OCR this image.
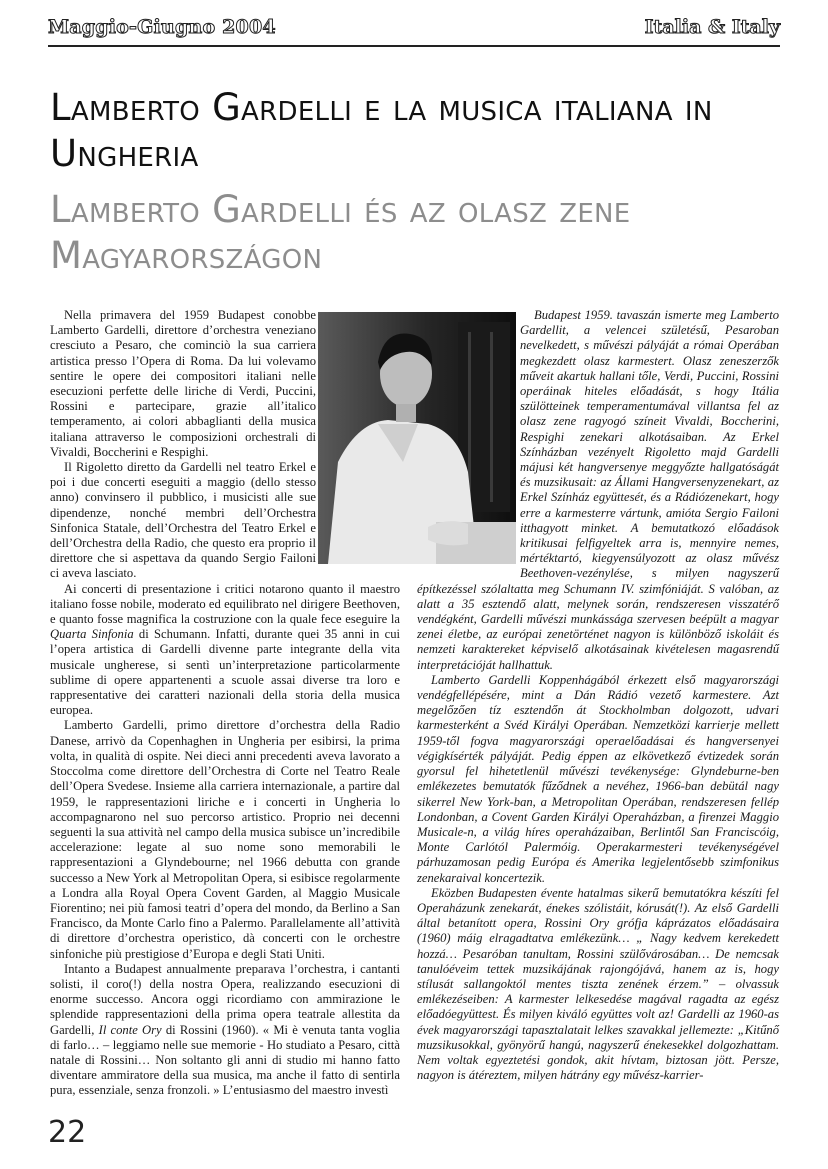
Maggio-Giugno 2004	Italia & Italy
Lamberto Gardelli e la musica italiana in Ungheria
Lamberto Gardelli és az olasz zene Magyarországon

Nella primavera del 1959 Budapest conobbe Lamberto Gardelli, direttore d’orchestra veneziano cresciuto a Pesaro, che cominciò la sua carriera artistica presso l’Opera di Roma. Da lui volevamo sentire le opere dei compositori italiani nelle esecuzioni perfette delle liriche di Verdi, Puccini, Rossini e partecipare, grazie all’italico temperamento, ai colori abbaglianti della musica italiana attraverso le composizioni orchestrali di Vivaldi, Boccherini e Respighi.

Il Rigoletto diretto da Gardelli nel teatro Erkel e poi i due concerti eseguiti a maggio (dello stesso anno) convinsero il pubblico, i musicisti alle sue dipendenze, nonché membri dell’Orchestra Sinfonica Statale, dell’Orchestra del Teatro Erkel e dell’Orchestra della Radio, che questo era proprio il direttore che si aspettava da quando Sergio Failoni ci aveva lasciato.

Ai concerti di presentazione i critici notarono quanto il maestro italiano fosse nobile, moderato ed equilibrato nel dirigere Beethoven, e quanto fosse magnifica la costruzione con la quale fece eseguire la Quarta Sinfonia di Schumann. Infatti, durante quei 35 anni in cui l’opera artistica di Gardelli divenne parte integrante della vita musicale ungherese, si sentì un’interpretazione particolarmente sublime di opere appartenenti a scuole assai diverse tra loro e rappresentative dei caratteri nazionali della storia della musica europea.

Lamberto Gardelli, primo direttore d’orchestra della Radio Danese, arrivò da Copenhaghen in Ungheria per esibirsi, la prima volta, in qualità di ospite. Nei dieci anni precedenti aveva lavorato a Stoccolma come direttore dell’Orchestra di Corte nel Teatro Reale dell’Opera Svedese. Insieme alla carriera internazionale, a partire dal 1959, le rappresentazioni liriche e i concerti in Ungheria lo accompagnarono nel suo percorso artistico. Proprio nei decenni seguenti la sua attività nel campo della musica subisce un’incredibile accelerazione: legate al suo nome sono memorabili le rappresentazioni a Glyndebourne; nel 1966 debutta con grande successo a New York al Metropolitan Opera, si esibisce regolarmente a Londra alla Royal Opera Covent Garden, al Maggio Musicale Fiorentino; nei più famosi teatri d’opera del mondo, da Berlino a San Francisco, da Monte Carlo fino a Palermo. Parallelamente all’attività di direttore d’orchestra operistico, dà concerti con le orchestre sinfoniche più prestigiose d’Europa e degli Stati Uniti.

Intanto a Budapest annualmente preparava l’orchestra, i cantanti solisti, il coro(!) della nostra Opera, realizzando esecuzioni di enorme successo. Ancora oggi ricordiamo con ammirazione le splendide rappresentazioni della prima opera teatrale allestita da Gardelli, Il conte Ory di Rossini (1960). « Mi è venuta tanta voglia di farlo… – leggiamo nelle sue memorie - Ho studiato a Pesaro, città natale di Rossini… Non soltanto gli anni di studio mi hanno fatto diventare ammiratore della sua musica, ma anche il fatto di sentirla pura, essenziale, senza fronzoli. » L’entusiasmo del maestro investì

Budapest 1959. tavaszán ismerte meg Lamberto Gardellit, a velencei születésű, Pesaroban nevelkedett, s művészi pályáját a római Operában megkezdett olasz karmestert. Olasz zeneszerzők műveit akartuk hallani tőle, Verdi, Puccini, Rossini operáinak hiteles előadását, s hogy Itália szülötteinek temperamentumával villantsa fel az olasz zene ragyogó színeit Vivaldi, Boccherini, Respighi zenekari alkotásaiban. Az Erkel Színházban vezényelt Rigoletto majd Gardelli májusi két hangversenye meggyőzte hallgatóságát és muzsikusait: az Állami Hangversenyzenekart, az Erkel Színház együttesét, és a Rádiózenekart, hogy erre a karmesterre vártunk, amióta Sergio Failoni itthagyott minket. A bemutatkozó előadások kritikusai felfigyeltek arra is, mennyire nemes, mértéktartó, kiegyensúlyozott az olasz művész Beethoven-vezénylése, s milyen nagyszerű építkezéssel szólaltatta meg Schumann IV. szimfóniáját. S valóban, az alatt a 35 esztendő alatt, melynek során, rendszeresen visszatérő vendégként, Gardelli művészi munkássága szervesen beépült a magyar zenei életbe, az európai zenetörténet nagyon is különböző iskoláit és nemzeti karaktereket képviselő alkotásainak kivételesen magasrendű interpretációját hallhattuk.

Lamberto Gardelli Koppenhágából érkezett első magyarországi vendégfellépésére, mint a Dán Rádió vezető karmestere. Azt megelőzően tíz esztendőn át Stockholmban dolgozott, udvari karmesterként a Svéd Királyi Operában. Nemzetközi karrierje mellett 1959-től fogva magyarországi operaelőadásai és hangversenyei végigkísérték pályáját. Pedig éppen az elkövetkező évtizedek során gyorsul fel hihetetlenül művészi tevékenysége: Glyndeburne-ben emlékezetes bemutatók fűződnek a nevéhez, 1966-ban debütál nagy sikerrel New York-ban, a Metropolitan Operában, rendszeresen fellép Londonban, a Covent Garden Királyi Operaházban, a firenzei Maggio Musicale-n, a világ híres operaházaiban, Berlintől San Franciscóig, Monte Carlótól Palermóig. Operakarmesteri tevékenységével párhuzamosan pedig Európa és Amerika legjelentősebb szimfonikus zenekaraival koncertezik.

Eközben Budapesten évente hatalmas sikerű bemutatókra készíti fel Operaházunk zenekarát, énekes szólistáit, kórusát(!). Az első Gardelli által betanított opera, Rossini Ory grófja káprázatos előadásaira (1960) máig elragadtatva emlékezünk… „ Nagy kedvem kerekedett hozzá… Pesaróban tanultam, Rossini szülővárosában… De nemcsak tanulóéveim tettek muzsikájának rajongójává, hanem az is, hogy stílusát sallangoktól mentes tiszta zenének érzem.” – olvassuk emlékezéseiben: A karmester lelkesedése magával ragadta az egész előadóegyüttest. És milyen kiváló együttes volt az! Gardelli az 1960-as évek magyarországi tapasztalatait lelkes szavakkal jellemezte: „Kitűnő muzsikusokkal, gyönyörű hangú, nagyszerű énekesekkel dolgozhattam. Nem voltak egyeztetési gondok, akit hívtam, biztosan jött. Persze, nagyon is átéreztem, milyen hátrány egy művész-karrier-

22
